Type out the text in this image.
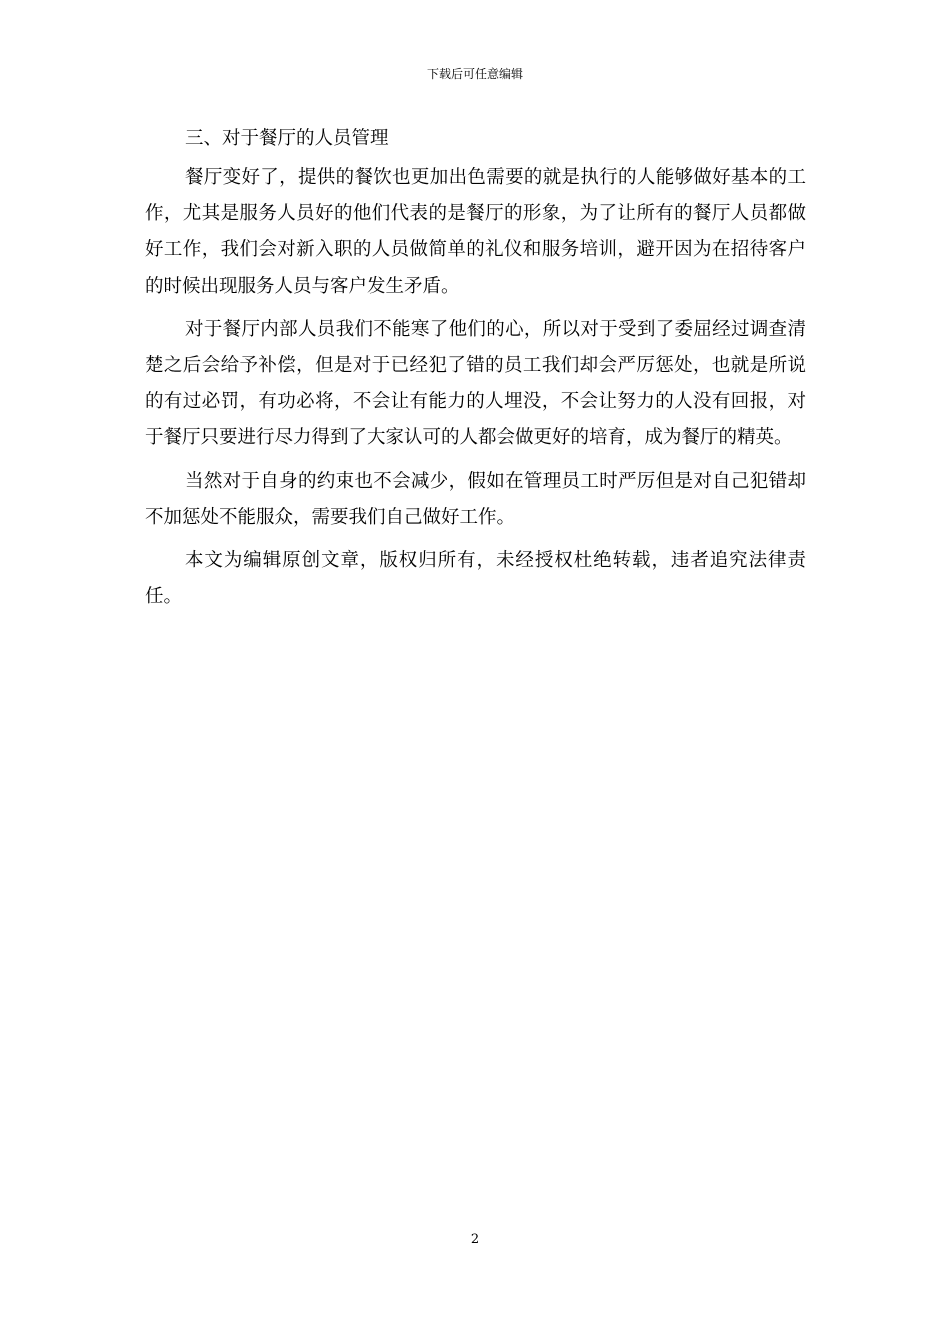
下载后可任意编辑

三、对于餐厅的人员管理

餐厅变好了，提供的餐饮也更加出色需要的就是执行的人能够做好基本的工作，尤其是服务人员好的他们代表的是餐厅的形象，为了让所有的餐厅人员都做好工作，我们会对新入职的人员做简单的礼仪和服务培训，避开因为在招待客户的时候出现服务人员与客户发生矛盾。

对于餐厅内部人员我们不能寒了他们的心，所以对于受到了委屈经过调查清楚之后会给予补偿，但是对于已经犯了错的员工我们却会严厉惩处，也就是所说的有过必罚，有功必将，不会让有能力的人埋没，不会让努力的人没有回报，对于餐厅只要进行尽力得到了大家认可的人都会做更好的培育，成为餐厅的精英。

当然对于自身的约束也不会减少，假如在管理员工时严厉但是对自己犯错却不加惩处不能服众，需要我们自己做好工作。

本文为编辑原创文章，版权归所有，未经授权杜绝转载，违者追究法律责任。

2
